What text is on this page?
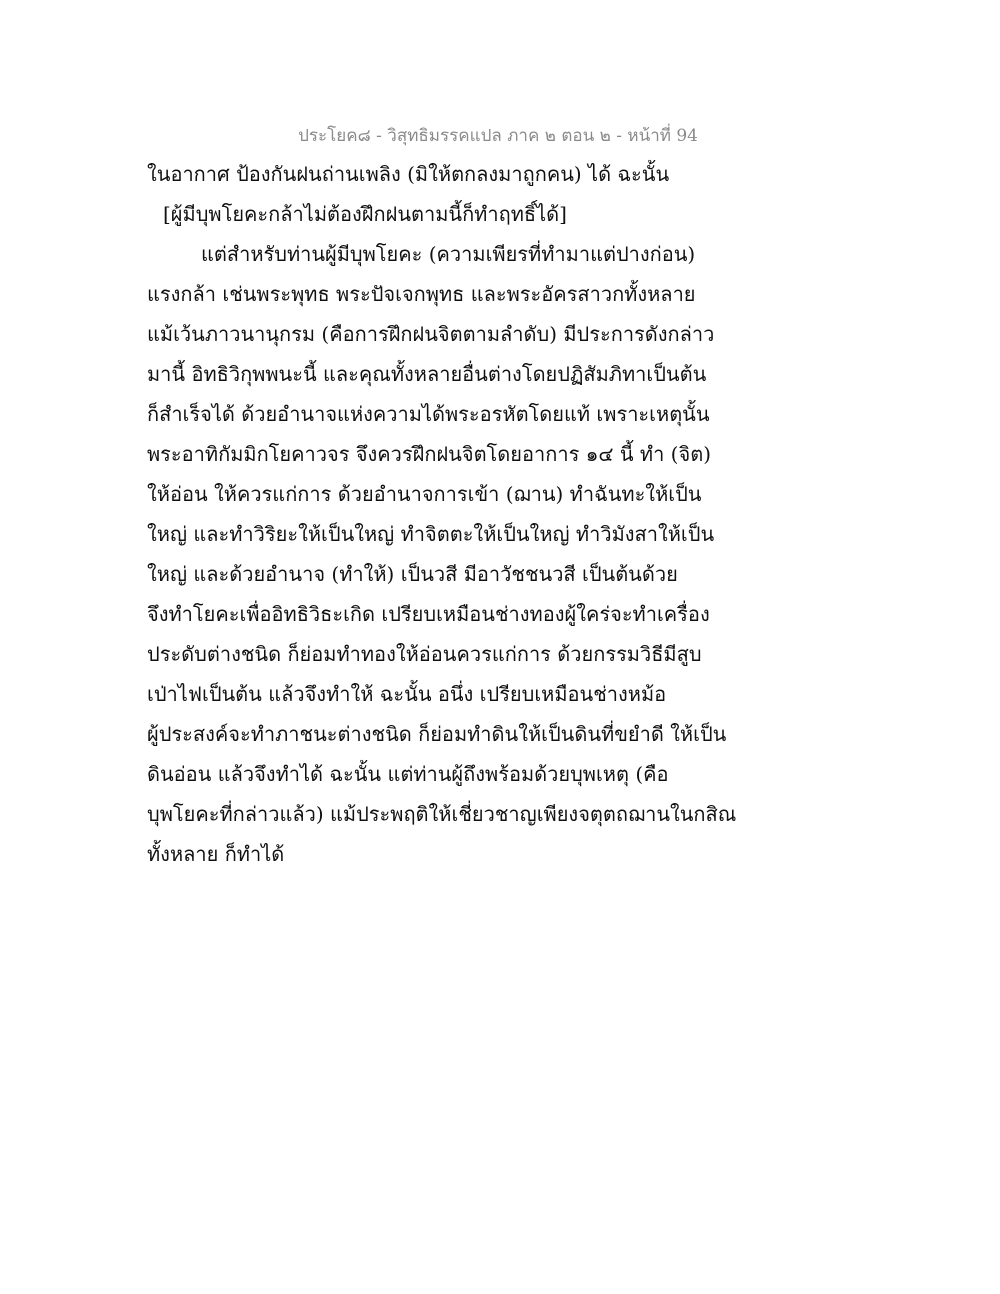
ประโยค๘ - วิสุทธิมรรคแปล ภาค ๒ ตอน ๒ - หน้าที่ 94
ในอากาศ ป้องกันฝนถ่านเพลิง (มิให้ตกลงมาถูกคน) ได้ ฉะนั้น
[ผู้มีบุพโยคะกล้าไม่ต้องฝึกฝนตามนี้ก็ทำฤทธิ์ได้]
แต่สำหรับท่านผู้มีบุพโยคะ (ความเพียรที่ทำมาแต่ปางก่อน)
แรงกล้า เช่นพระพุทธ พระปัจเจกพุทธ และพระอัครสาวกทั้งหลาย
แม้เว้นภาวนานุกรม (คือการฝึกฝนจิตตามลำดับ) มีประการดังกล่าว
มานี้ อิทธิวิกุพพนะนี้ และคุณทั้งหลายอื่นต่างโดยปฏิสัมภิทาเป็นต้น
ก็สำเร็จได้ ด้วยอำนาจแห่งความได้พระอรหัตโดยแท้ เพราะเหตุนั้น
พระอาทิกัมมิกโยคาวจร จึงควรฝึกฝนจิตโดยอาการ ๑๔ นี้ ทำ (จิต)
ให้อ่อน ให้ควรแก่การ ด้วยอำนาจการเข้า (ฌาน) ทำฉันทะให้เป็น
ใหญ่ และทำวิริยะให้เป็นใหญ่ ทำจิตตะให้เป็นใหญ่ ทำวิมังสาให้เป็น
ใหญ่ และด้วยอำนาจ (ทำให้) เป็นวสี มีอาวัชชนวสี เป็นต้นด้วย
จึงทำโยคะเพื่ออิทธิวิธะเกิด เปรียบเหมือนช่างทองผู้ใคร่จะทำเครื่อง
ประดับต่างชนิด ก็ย่อมทำทองให้อ่อนควรแก่การ ด้วยกรรมวิธีมีสูบ
เป่าไฟเป็นต้น แล้วจึงทำให้ ฉะนั้น อนึ่ง เปรียบเหมือนช่างหม้อ
ผู้ประสงค์จะทำภาชนะต่างชนิด ก็ย่อมทำดินให้เป็นดินที่ขยำดี ให้เป็น
ดินอ่อน แล้วจึงทำได้ ฉะนั้น แต่ท่านผู้ถึงพร้อมด้วยบุพเหตุ (คือ
บุพโยคะที่กล่าวแล้ว) แม้ประพฤติให้เชี่ยวชาญเพียงจตุตถฌานในกสิณ
ทั้งหลาย ก็ทำได้
